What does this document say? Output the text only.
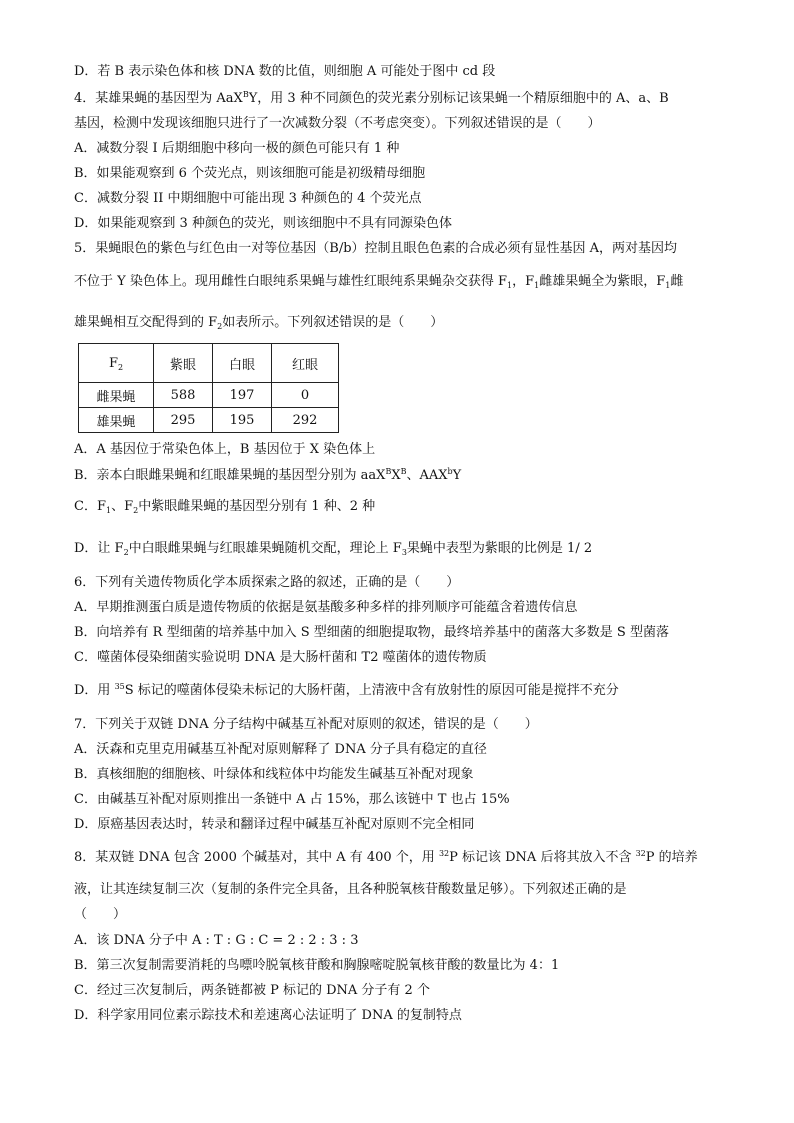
D．若 B 表示染色体和核 DNA 数的比值，则细胞 A 可能处于图中 cd 段
4．某雄果蝇的基因型为 AaX$^B$Y，用 3 种不同颜色的荧光素分别标记该果蝇一个精原细胞中的 A、a、B
基因，检测中发现该细胞只进行了一次减数分裂（不考虑突变）。下列叙述错误的是（　　）
A．减数分裂 I 后期细胞中移向一极的颜色可能只有 1 种
B．如果能观察到 6 个荧光点，则该细胞可能是初级精母细胞
C．减数分裂 II 中期细胞中可能出现 3 种颜色的 4 个荧光点
D．如果能观察到 3 种颜色的荧光，则该细胞中不具有同源染色体
5．果蝇眼色的紫色与红色由一对等位基因（B/b）控制且眼色色素的合成必须有显性基因 A，两对基因均
不位于 Y 染色体上。现用雌性白眼纯系果蝇与雄性红眼纯系果蝇杂交获得 $F_1$，$F_1$雌雄果蝇全为紫眼，$F_1$雌
雄果蝇相互交配得到的 $F_2$如表所示。下列叙述错误的是（　　）
$F_2$	紫眼	白眼	红眼
雌果蝇	588	197	0
雄果蝇	295	195	292
A．A 基因位于常染色体上，B 基因位于 X 染色体上
B．亲本白眼雌果蝇和红眼雄果蝇的基因型分别为 $aaX^BX^B$、AAX$^b$Y
C．$F_1$、$F_2$中紫眼雌果蝇的基因型分别有 1 种、2 种
D．让 $F_2$中白眼雌果蝇与红眼雄果蝇随机交配，理论上 $F_3$果蝇中表型为紫眼的比例是 1/ 2
6．下列有关遗传物质化学本质探索之路的叙述，正确的是（　　）
A．早期推测蛋白质是遗传物质的依据是氨基酸多种多样的排列顺序可能蕴含着遗传信息
B．向培养有 R 型细菌的培养基中加入 S 型细菌的细胞提取物，最终培养基中的菌落大多数是 S 型菌落
C．噬菌体侵染细菌实验说明 DNA 是大肠杆菌和 T2 噬菌体的遗传物质
D．用 $^{35}$S 标记的噬菌体侵染未标记的大肠杆菌，上清液中含有放射性的原因可能是搅拌不充分
7．下列关于双链 DNA 分子结构中碱基互补配对原则的叙述，错误的是（　　）
A．沃森和克里克用碱基互补配对原则解释了 DNA 分子具有稳定的直径
B．真核细胞的细胞核、叶绿体和线粒体中均能发生碱基互补配对现象
C．由碱基互补配对原则推出一条链中 A 占 15%，那么该链中 T 也占 15%
D．原癌基因表达时，转录和翻译过程中碱基互补配对原则不完全相同
8．某双链 DNA 包含 2000 个碱基对，其中 A 有 400 个，用 $^{32}$P 标记该 DNA 后将其放入不含 $^{32}$P 的培养
液，让其连续复制三次（复制的条件完全具备，且各种脱氧核苷酸数量足够）。下列叙述正确的是
（　　）
A．该 DNA 分子中 A : T : G : C = 2 : 2 : 3 : 3
B．第三次复制需要消耗的鸟嘌呤脱氧核苷酸和胸腺嘧啶脱氧核苷酸的数量比为 4：1
C．经过三次复制后，两条链都被 P 标记的 DNA 分子有 2 个
D．科学家用同位素示踪技术和差速离心法证明了 DNA 的复制特点
